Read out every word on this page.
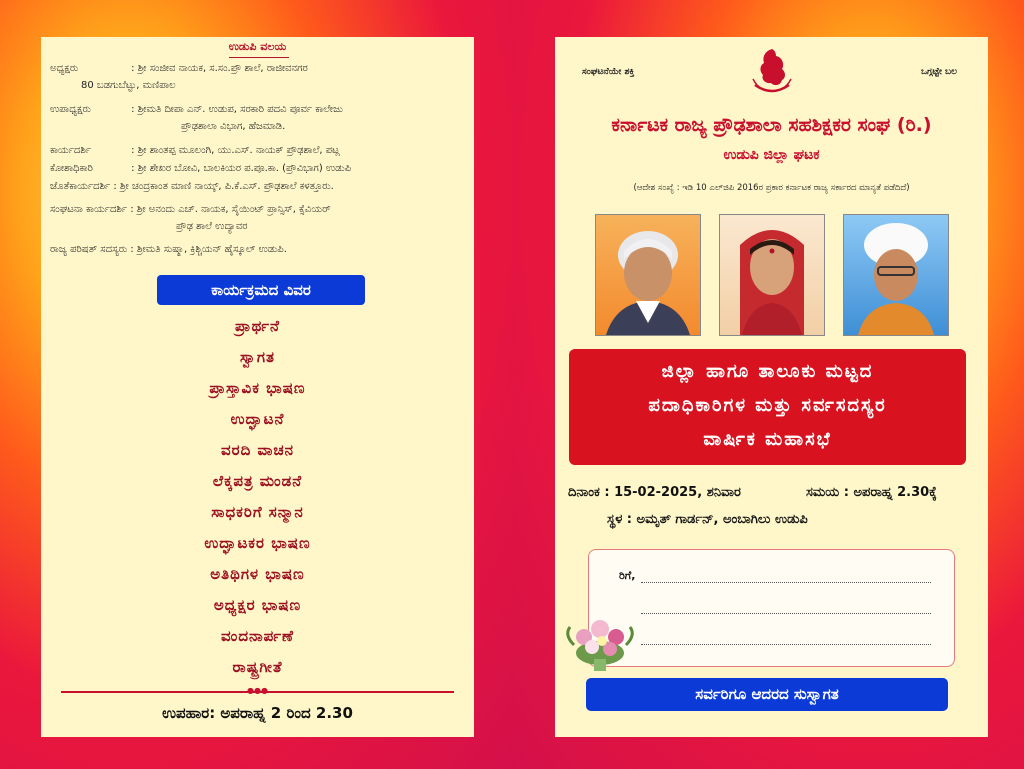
ಉಡುಪಿ ವಲಯ
ಅಧ್ಯಕ್ಷರು	: ಶ್ರೀ ಸಂಜೀವ ನಾಯಕ, ಸ.ಸಂ.ಪ್ರೌ ಶಾಲೆ, ರಾಜೀವನಗರ
80 ಬಡಗುಬೆಟ್ಟು, ಮಣಿಪಾಲ
ಉಪಾಧ್ಯಕ್ಷರು	: ಶ್ರೀಮತಿ ದೀಪಾ ಎನ್. ಉಡುಪ, ಸರಕಾರಿ ಪದವಿ ಪೂರ್ವ ಕಾಲೇಜು
ಪ್ರೌಢಶಾಲಾ ವಿಭಾಗ, ಹೆಜಮಾಡಿ.
ಕಾರ್ಯದರ್ಶಿ	: ಶ್ರೀ ಶಾಂತಪ್ಪ ಮೂಲಂಗಿ, ಯು.ಎಸ್. ನಾಯಕ್ ಪ್ರೌಢಶಾಲೆ, ಪಟ್ಲ
ಕೋಶಾಧಿಕಾರಿ	: ಶ್ರೀ ಶೇಖರ ಬೋವಿ, ಬಾಲಕಿಯರ ಪ.ಪೂ.ಕಾ. (ಪ್ರೌವಿಭಾಗ) ಉಡುಪಿ
ಜೊತೆಕಾರ್ಯದರ್ಶಿ : ಶ್ರೀ ಚಂದ್ರಕಾಂತ ಮಾಣಿ ನಾಯ್ಕ್, ಪಿ.ಕೆ.ಎಸ್. ಪ್ರೌಢಶಾಲೆ ಕಳತ್ತೂರು.
ಸಂಘಟನಾ ಕಾರ್ಯದರ್ಶಿ : ಶ್ರೀ ಅನಂದು ಎಚ್. ನಾಯಕ, ಸೈಯಿಂಟ್ ಪ್ರಾನ್ಸಿಸ್, ಕ್ಸೆವಿಯರ್
ಪ್ರೌಢ ಶಾಲೆ ಉದ್ಯಾವರ
ರಾಜ್ಯ ಪರಿಷತ್ ಸದಸ್ಯರು : ಶ್ರೀಮತಿ ಸುಷ್ಮಾ, ಕ್ರಿಶ್ಚಿಯನ್ ಹೈಸ್ಕೂಲ್ ಉಡುಪಿ.
ಕಾರ್ಯಕ್ರಮದ ವಿವರ
ಪ್ರಾರ್ಥನೆ
ಸ್ವಾಗತ
ಪ್ರಾಸ್ತಾವಿಕ ಭಾಷಣ
ಉದ್ಘಾಟನೆ
ವರದಿ ವಾಚನ
ಲೆಕ್ಕಪತ್ರ ಮಂಡನೆ
ಸಾಧಕರಿಗೆ ಸನ್ಮಾನ
ಉದ್ಘಾಟಕರ ಭಾಷಣ
ಅತಿಥಿಗಳ ಭಾಷಣ
ಅಧ್ಯಕ್ಷರ ಭಾಷಣ
ವಂದನಾರ್ಪಣೆ
ರಾಷ್ಟ್ರಗೀತೆ
●●●
ಉಪಹಾರ: ಅಪರಾಹ್ನ 2 ರಿಂದ 2.30
ಸಂಘಟನೆಯೇ ಶಕ್ತಿ	ಒಗ್ಗಟ್ಟೇ ಬಲ
ಕರ್ನಾಟಕ ರಾಜ್ಯ ಪ್ರೌಢಶಾಲಾ ಸಹಶಿಕ್ಷಕರ ಸಂಘ (ರಿ.)
ಉಡುಪಿ ಜಿಲ್ಲಾ ಘಟಕ
(ಆದೇಶ ಸಂಖ್ಯೆ : ಇಡಿ 10 ಎಲ್‌ಜಿಪಿ 2016ರ ಪ್ರಕಾರ ಕರ್ನಾಟಕ ರಾಜ್ಯ ಸರ್ಕಾರದ ಮಾನ್ಯತೆ ಪಡೆದಿದೆ)
ಜಿಲ್ಲಾ ಹಾಗೂ ತಾಲೂಕು ಮಟ್ಟದ
ಪದಾಧಿಕಾರಿಗಳ ಮತ್ತು ಸರ್ವಸದಸ್ಯರ
ವಾರ್ಷಿಕ ಮಹಾಸಭೆ
ದಿನಾಂಕ : 15-02-2025, ಶನಿವಾರ	ಸಮಯ : ಅಪರಾಹ್ನ 2.30ಕ್ಕೆ
ಸ್ಥಳ : ಅಮೃತ್ ಗಾರ್ಡನ್, ಅಂಬಾಗಿಲು ಉಡುಪಿ
ರಿಗೆ,
ಸರ್ವರಿಗೂ ಆದರದ ಸುಸ್ವಾಗತ
